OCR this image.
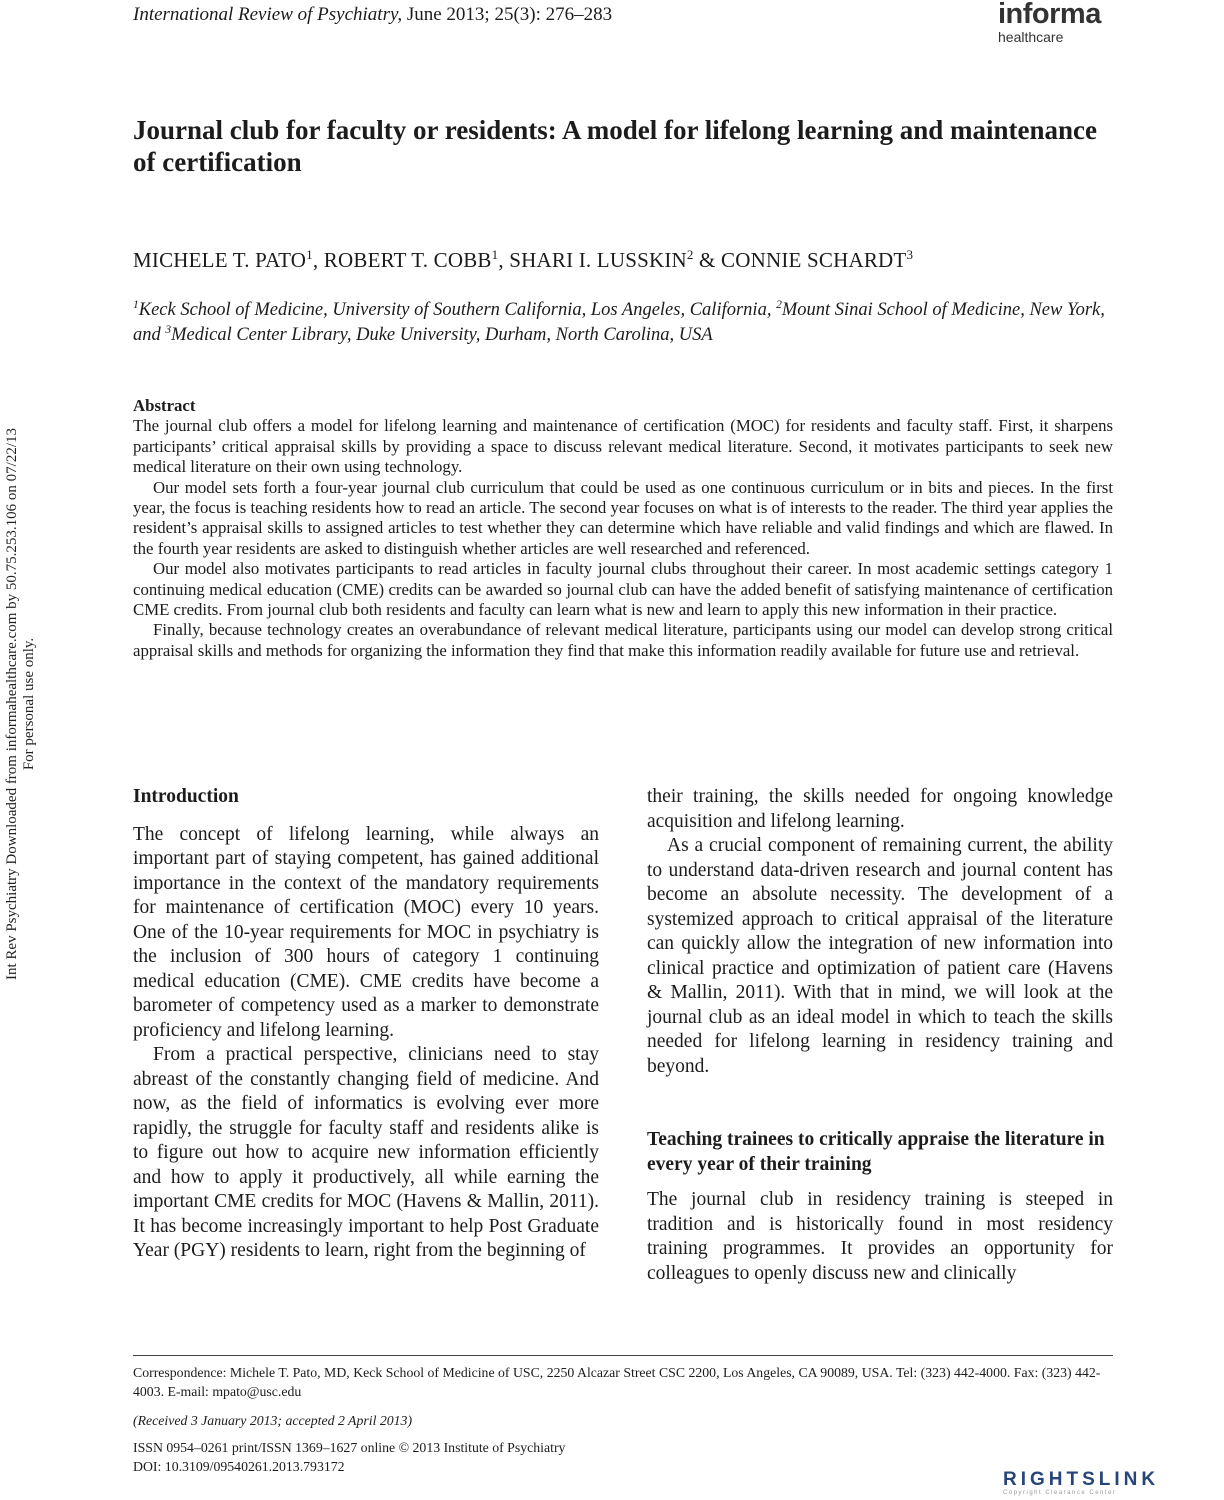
International Review of Psychiatry, June 2013; 25(3): 276–283	informa
healthcare
Journal club for faculty or residents: A model for lifelong learning and maintenance of certification
MICHELE T. PATO$^1$, ROBERT T. COBB$^1$, SHARI I. LUSSKIN$^2$ & CONNIE SCHARDT$^3$
$^1$Keck School of Medicine, University of Southern California, Los Angeles, California, $^2$Mount Sinai School of Medicine, New York, and $^3$Medical Center Library, Duke University, Durham, North Carolina, USA
Int Rev Psychiatry Downloaded from informahealthcare.com by 50.75.253.106 on 07/22/13 For personal use only.
Abstract

The journal club offers a model for lifelong learning and maintenance of certification (MOC) for residents and faculty staff. First, it sharpens participants’ critical appraisal skills by providing a space to discuss relevant medical literature. Second, it motivates participants to seek new medical literature on their own using technology.

Our model sets forth a four-year journal club curriculum that could be used as one continuous curriculum or in bits and pieces. In the first year, the focus is teaching residents how to read an article. The second year focuses on what is of interests to the reader. The third year applies the resident’s appraisal skills to assigned articles to test whether they can determine which have reliable and valid findings and which are flawed. In the fourth year residents are asked to distinguish whether articles are well researched and referenced.

Our model also motivates participants to read articles in faculty journal clubs throughout their career. In most academic settings category 1 continuing medical education (CME) credits can be awarded so journal club can have the added benefit of satisfying maintenance of certification CME credits. From journal club both residents and faculty can learn what is new and learn to apply this new information in their practice.

Finally, because technology creates an overabundance of relevant medical literature, participants using our model can develop strong critical appraisal skills and methods for organizing the information they find that make this information readily available for future use and retrieval.

Introduction

The concept of lifelong learning, while always an important part of staying competent, has gained additional importance in the context of the mandatory requirements for maintenance of certification (MOC) every 10 years. One of the 10-year requirements for MOC in psychiatry is the inclusion of 300 hours of category 1 continuing medical education (CME). CME credits have become a barometer of competency used as a marker to demonstrate proficiency and lifelong learning.

From a practical perspective, clinicians need to stay abreast of the constantly changing field of medicine. And now, as the field of informatics is evolving ever more rapidly, the struggle for faculty staff and residents alike is to figure out how to acquire new information efficiently and how to apply it productively, all while earning the important CME credits for MOC (Havens & Mallin, 2011). It has become increasingly important to help Post Graduate Year (PGY) residents to learn, right from the beginning of

their training, the skills needed for ongoing knowledge acquisition and lifelong learning.

As a crucial component of remaining current, the ability to understand data-driven research and journal content has become an absolute necessity. The development of a systemized approach to critical appraisal of the literature can quickly allow the integration of new information into clinical practice and optimization of patient care (Havens & Mallin, 2011). With that in mind, we will look at the journal club as an ideal model in which to teach the skills needed for lifelong learning in residency training and beyond.

Teaching trainees to critically appraise the literature in every year of their training

The journal club in residency training is steeped in tradition and is historically found in most residency training programmes. It provides an opportunity for colleagues to openly discuss new and clinically

Correspondence: Michele T. Pato, MD, Keck School of Medicine of USC, 2250 Alcazar Street CSC 2200, Los Angeles, CA 90089, USA. Tel: (323) 442-4000. Fax: (323) 442-4003. E-mail: mpato@usc.edu

(Received 3 January 2013; accepted 2 April 2013)

ISSN 0954–0261 print/ISSN 1369–1627 online © 2013 Institute of Psychiatry

DOI: 10.3109/09540261.2013.793172

RIGHTSLINK
Copyright Clearance Center
